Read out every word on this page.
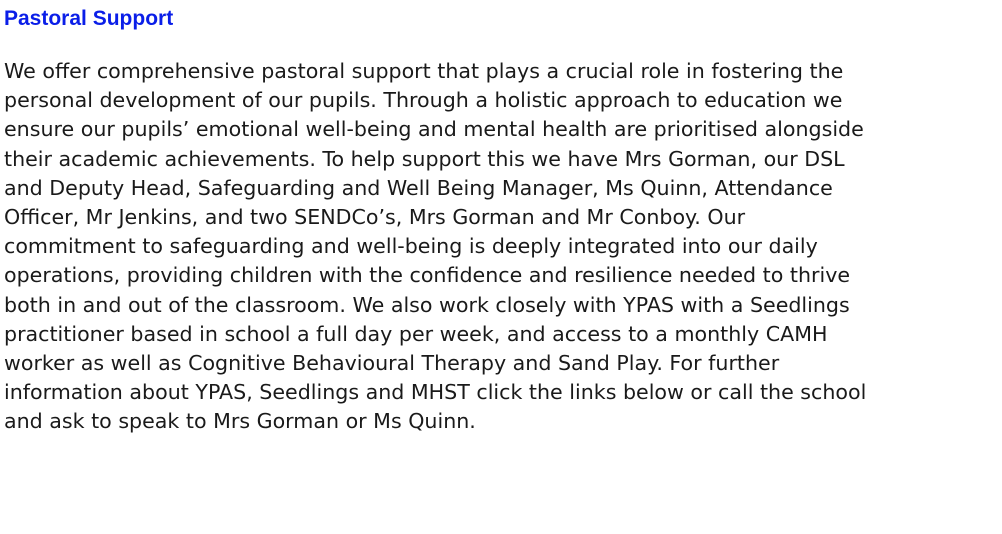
Pastoral Support

We offer comprehensive pastoral support that plays a crucial role in fostering the
personal development of our pupils. Through a holistic approach to education we
ensure our pupils’ emotional well-being and mental health are prioritised alongside
their academic achievements. To help support this we have Mrs Gorman, our DSL
and Deputy Head, Safeguarding and Well Being Manager, Ms Quinn, Attendance
Officer, Mr Jenkins, and two SENDCo’s, Mrs Gorman and Mr Conboy. Our
commitment to safeguarding and well-being is deeply integrated into our daily
operations, providing children with the confidence and resilience needed to thrive
both in and out of the classroom. We also work closely with YPAS with a Seedlings
practitioner based in school a full day per week, and access to a monthly CAMH
worker as well as Cognitive Behavioural Therapy and Sand Play. For further
information about YPAS, Seedlings and MHST click the links below or call the school
and ask to speak to Mrs Gorman or Ms Quinn.
